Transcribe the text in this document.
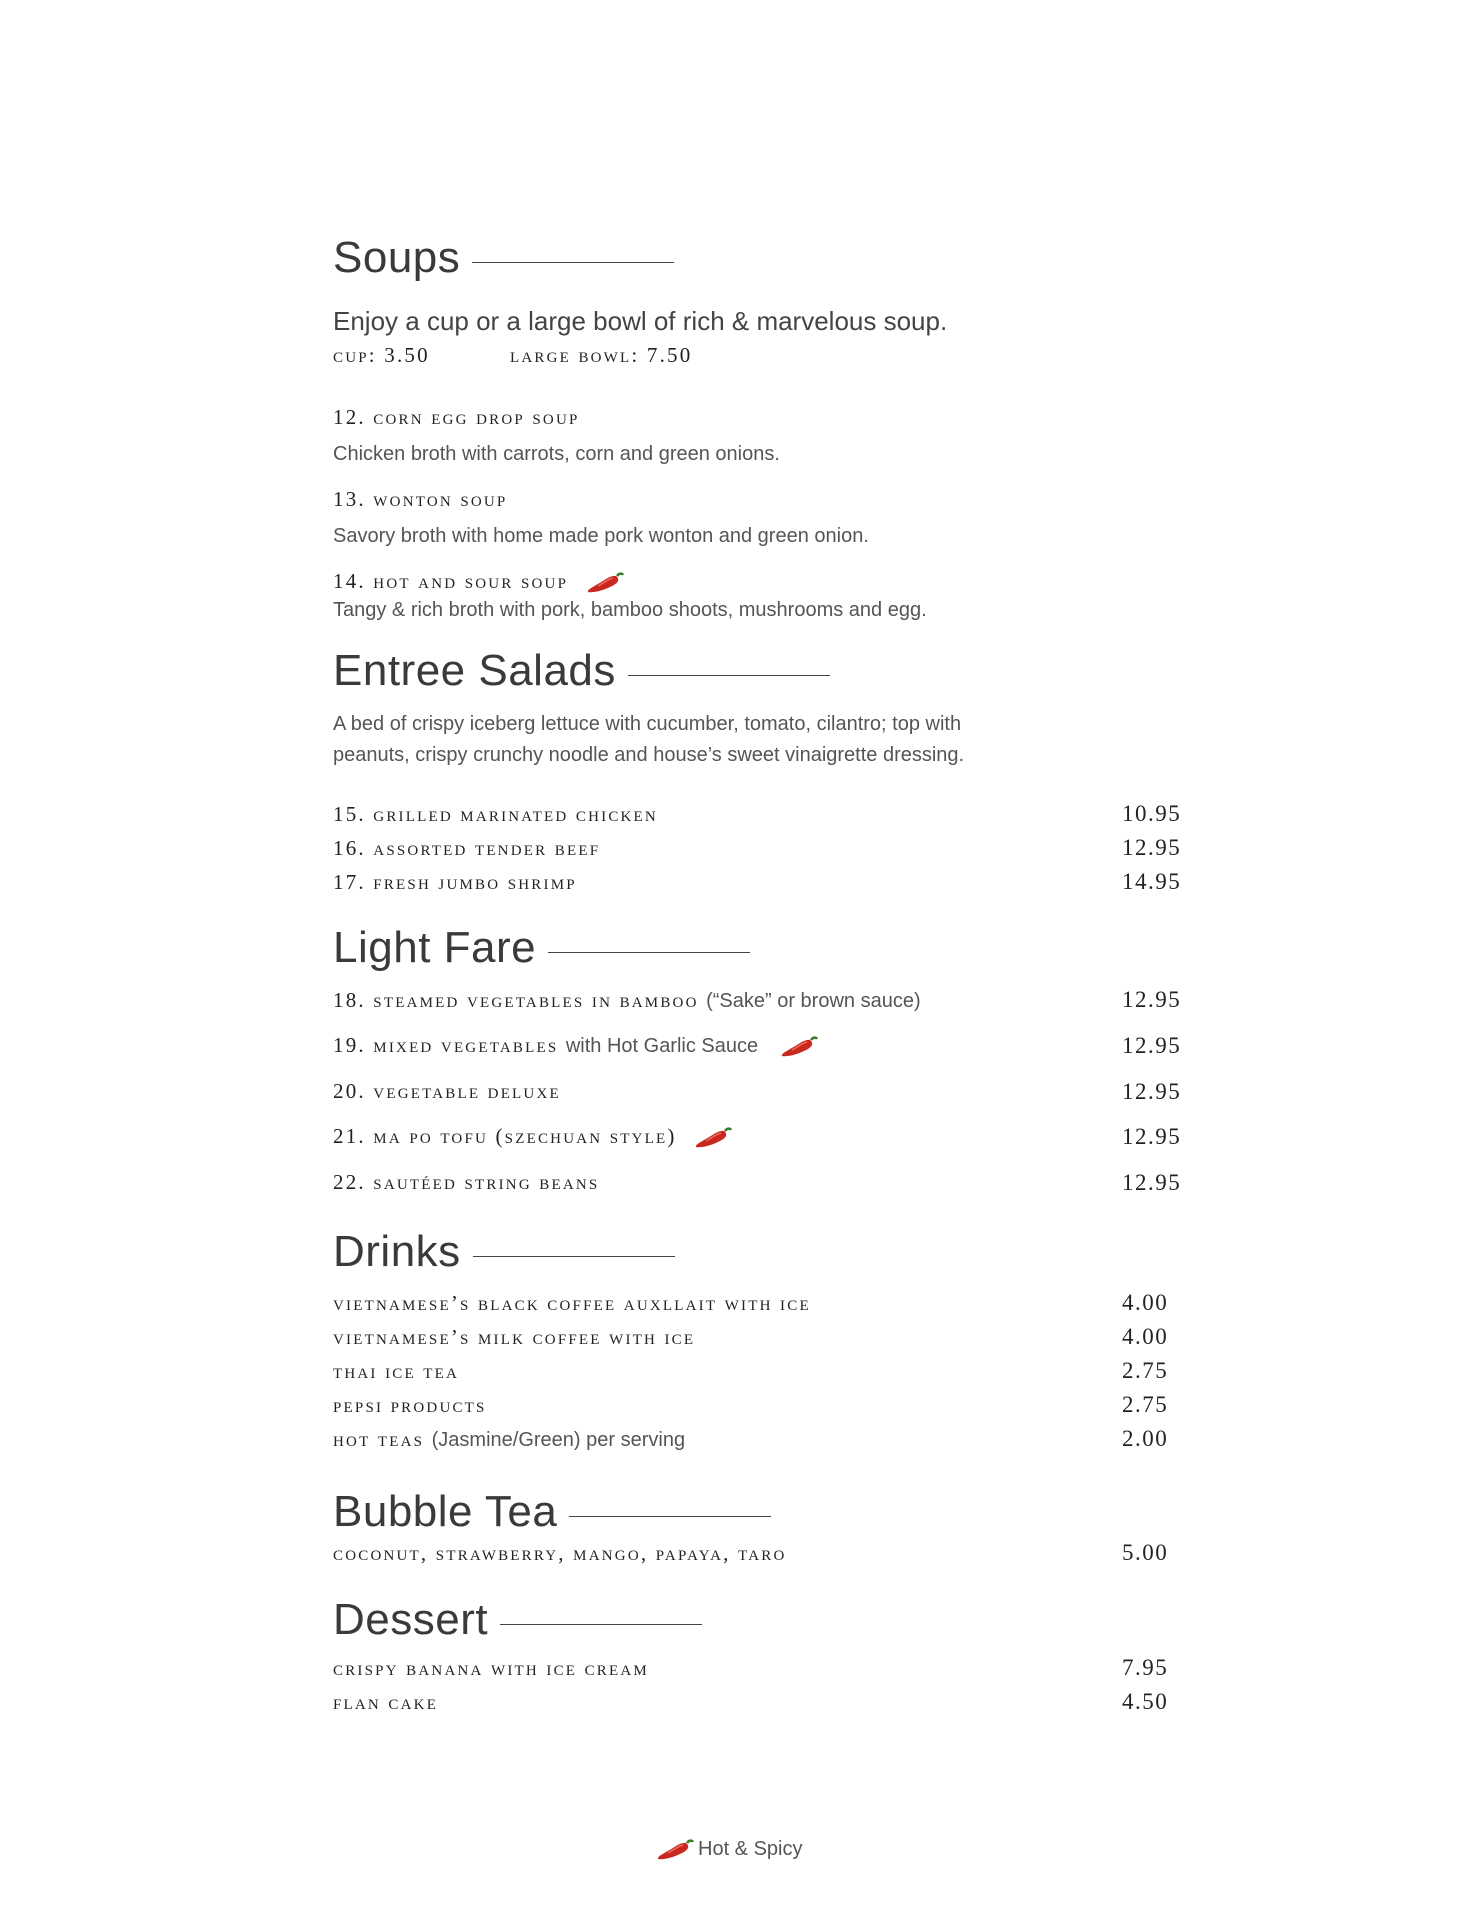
Soups
Enjoy a cup or a large bowl of rich & marvelous soup.
cup: 3.50	large bowl: 7.50
12. corn egg drop soup
Chicken broth with carrots, corn and green onions.
13. wonton soup
Savory broth with home made pork wonton and green onion.
14. hot and sour soup
Tangy & rich broth with pork, bamboo shoots, mushrooms and egg.
Entree Salads
A bed of crispy iceberg lettuce with cucumber, tomato, cilantro; top with
peanuts, crispy crunchy noodle and house’s sweet vinaigrette dressing.
15. grilled marinated chicken	10.95
16. assorted tender beef	12.95
17. fresh jumbo shrimp	14.95
Light Fare
18. steamed vegetables in bamboo (“Sake” or brown sauce)	12.95
19. mixed vegetables with Hot Garlic Sauce	12.95
20. vegetable deluxe	12.95
21. ma po tofu (szechuan style)	12.95
22. sautéed string beans	12.95
Drinks
vietnamese’s black coffee auxllait with ice	4.00
vietnamese’s milk coffee with ice	4.00
thai ice tea	2.75
pepsi products	2.75
hot teas (Jasmine/Green) per serving	2.00
Bubble Tea
coconut, strawberry, mango, papaya, taro	5.00
Dessert
crispy banana with ice cream	7.95
flan cake	4.50
Hot & Spicy
